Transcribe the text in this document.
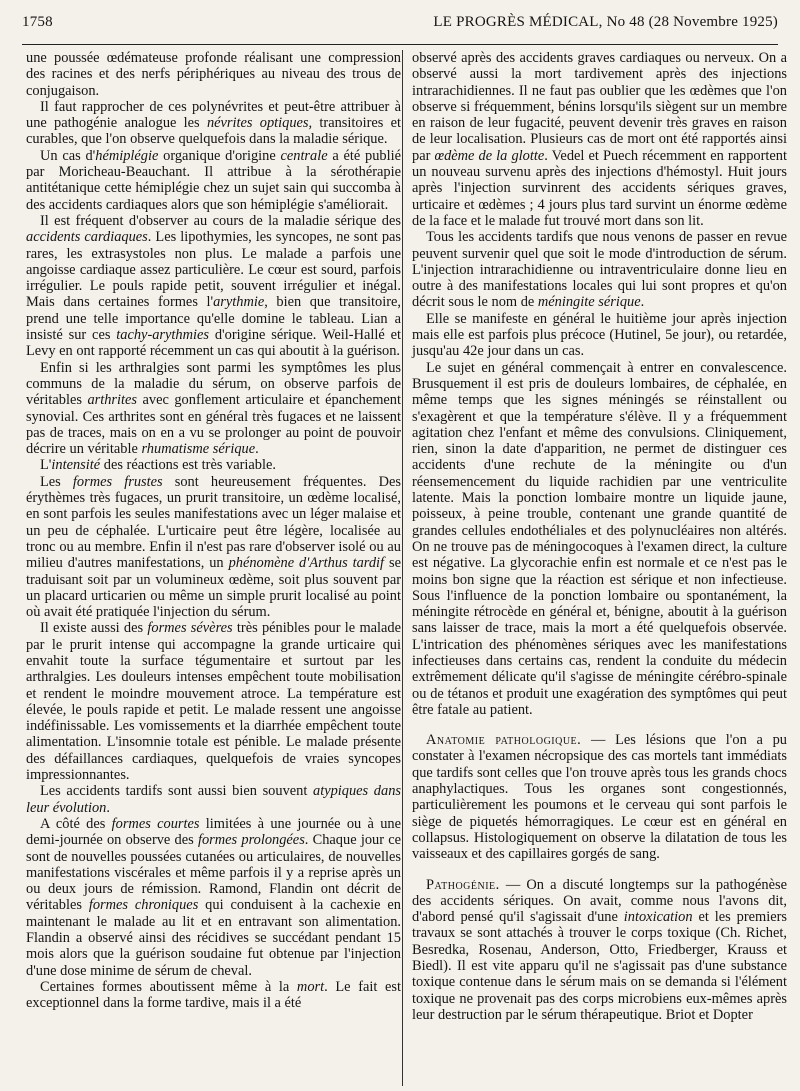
1758	LE PROGRÈS MÉDICAL, No 48 (28 Novembre 1925)

une poussée œdémateuse profonde réalisant une compression des racines et des nerfs périphériques au niveau des trous de conjugaison.

Il faut rapprocher de ces polynévrites et peut-être attribuer à une pathogénie analogue les névrites optiques, transitoires et curables, que l'on observe quelquefois dans la maladie sérique.

Un cas d'hémiplégie organique d'origine centrale a été publié par Moricheau-Beauchant. Il attribue à la sérothérapie antitétanique cette hémiplégie chez un sujet sain qui succomba à des accidents cardiaques alors que son hémiplégie s'améliorait.

Il est fréquent d'observer au cours de la maladie sérique des accidents cardiaques. Les lipothymies, les syncopes, ne sont pas rares, les extrasystoles non plus. Le malade a parfois une angoisse cardiaque assez particulière. Le cœur est sourd, parfois irrégulier. Le pouls rapide petit, souvent irrégulier et inégal. Mais dans certaines formes l'arythmie, bien que transitoire, prend une telle importance qu'elle domine le tableau. Lian a insisté sur ces tachy-arythmies d'origine sérique. Weil-Hallé et Levy en ont rapporté récemment un cas qui aboutit à la guérison.

Enfin si les arthralgies sont parmi les symptômes les plus communs de la maladie du sérum, on observe parfois de véritables arthrites avec gonflement articulaire et épanchement synovial. Ces arthrites sont en général très fugaces et ne laissent pas de traces, mais on en a vu se prolonger au point de pouvoir décrire un véritable rhumatisme sérique.

L'intensité des réactions est très variable.

Les formes frustes sont heureusement fréquentes. Des érythèmes très fugaces, un prurit transitoire, un œdème localisé, en sont parfois les seules manifestations avec un léger malaise et un peu de céphalée. L'urticaire peut être légère, localisée au tronc ou au membre. Enfin il n'est pas rare d'observer isolé ou au milieu d'autres manifestations, un phénomène d'Arthus tardif se traduisant soit par un volumineux œdème, soit plus souvent par un placard urticarien ou même un simple prurit localisé au point où avait été pratiquée l'injection du sérum.

Il existe aussi des formes sévères très pénibles pour le malade par le prurit intense qui accompagne la grande urticaire qui envahit toute la surface tégumentaire et surtout par les arthralgies. Les douleurs intenses empêchent toute mobilisation et rendent le moindre mouvement atroce. La température est élevée, le pouls rapide et petit. Le malade ressent une angoisse indéfinissable. Les vomissements et la diarrhée empêchent toute alimentation. L'insomnie totale est pénible. Le malade présente des défaillances cardiaques, quelquefois de vraies syncopes impressionnantes.

Les accidents tardifs sont aussi bien souvent atypiques dans leur évolution.

A côté des formes courtes limitées à une journée ou à une demi-journée on observe des formes prolongées. Chaque jour ce sont de nouvelles poussées cutanées ou articulaires, de nouvelles manifestations viscérales et même parfois il y a reprise après un ou deux jours de rémission. Ramond, Flandin ont décrit de véritables formes chroniques qui conduisent à la cachexie en maintenant le malade au lit et en entravant son alimentation. Flandin a observé ainsi des récidives se succédant pendant 15 mois alors que la guérison soudaine fut obtenue par l'injection d'une dose minime de sérum de cheval.

Certaines formes aboutissent même à la mort. Le fait est exceptionnel dans la forme tardive, mais il a été

observé après des accidents graves cardiaques ou nerveux. On a observé aussi la mort tardivement après des injections intrarachidiennes. Il ne faut pas oublier que les œdèmes que l'on observe si fréquemment, bénins lorsqu'ils siègent sur un membre en raison de leur fugacité, peuvent devenir très graves en raison de leur localisation. Plusieurs cas de mort ont été rapportés ainsi par œdème de la glotte. Vedel et Puech récemment en rapportent un nouveau survenu après des injections d'hémostyl. Huit jours après l'injection survinrent des accidents sériques graves, urticaire et œdèmes ; 4 jours plus tard survint un énorme œdème de la face et le malade fut trouvé mort dans son lit.

Tous les accidents tardifs que nous venons de passer en revue peuvent survenir quel que soit le mode d'introduction de sérum. L'injection intrarachidienne ou intraventriculaire donne lieu en outre à des manifestations locales qui lui sont propres et qu'on décrit sous le nom de méningite sérique.

Elle se manifeste en général le huitième jour après injection mais elle est parfois plus précoce (Hutinel, 5e jour), ou retardée, jusqu'au 42e jour dans un cas.

Le sujet en général commençait à entrer en convalescence. Brusquement il est pris de douleurs lombaires, de céphalée, en même temps que les signes méningés se réinstallent ou s'exagèrent et que la température s'élève. Il y a fréquemment agitation chez l'enfant et même des convulsions. Cliniquement, rien, sinon la date d'apparition, ne permet de distinguer ces accidents d'une rechute de la méningite ou d'un réensemencement du liquide rachidien par une ventriculite latente. Mais la ponction lombaire montre un liquide jaune, poisseux, à peine trouble, contenant une grande quantité de grandes cellules endothéliales et des polynucléaires non altérés. On ne trouve pas de méningocoques à l'examen direct, la culture est négative. La glycorachie enfin est normale et ce n'est pas le moins bon signe que la réaction est sérique et non infectieuse. Sous l'influence de la ponction lombaire ou spontanément, la méningite rétrocède en général et, bénigne, aboutit à la guérison sans laisser de trace, mais la mort a été quelquefois observée. L'intrication des phénomènes sériques avec les manifestations infectieuses dans certains cas, rendent la conduite du médecin extrêmement délicate qu'il s'agisse de méningite cérébro-spinale ou de tétanos et produit une exagération des symptômes qui peut être fatale au patient.

Anatomie pathologique. — Les lésions que l'on a pu constater à l'examen nécropsique des cas mortels tant immédiats que tardifs sont celles que l'on trouve après tous les grands chocs anaphylactiques. Tous les organes sont congestionnés, particulièrement les poumons et le cerveau qui sont parfois le siège de piquetés hémorragiques. Le cœur est en général en collapsus. Histologiquement on observe la dilatation de tous les vaisseaux et des capillaires gorgés de sang.

Pathogénie. — On a discuté longtemps sur la pathogénèse des accidents sériques. On avait, comme nous l'avons dit, d'abord pensé qu'il s'agissait d'une intoxication et les premiers travaux se sont attachés à trouver le corps toxique (Ch. Richet, Besredka, Rosenau, Anderson, Otto, Friedberger, Krauss et Biedl). Il est vite apparu qu'il ne s'agissait pas d'une substance toxique contenue dans le sérum mais on se demanda si l'élément toxique ne provenait pas des corps microbiens eux-mêmes après leur destruction par le sérum thérapeutique. Briot et Dopter
